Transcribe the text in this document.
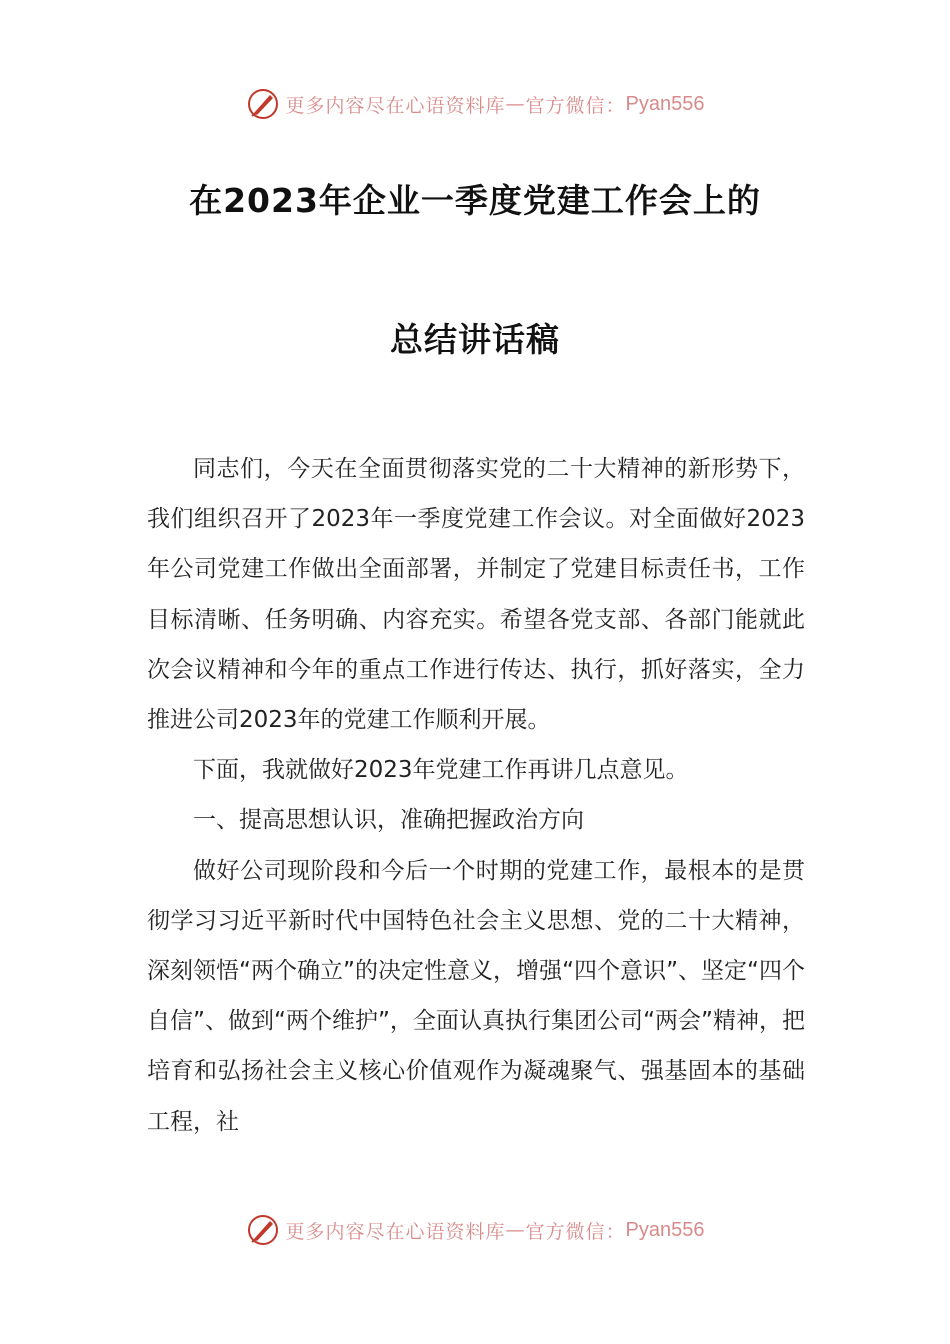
更多内容尽在心语资料库 — 官方微信： Pyan556
在2023年企业一季度党建工作会上的
总结讲话稿

同志们，今天在全面贯彻落实党的二十大精神的新形势下，我们组织召开了2023年一季度党建工作会议。对全面做好2023年公司党建工作做出全面部署，并制定了党建目标责任书，工作目标清晰、任务明确、内容充实。希望各党支部、各部门能就此次会议精神和今年的重点工作进行传达、执行，抓好落实，全力推进公司2023年的党建工作顺利开展。

下面，我就做好2023年党建工作再讲几点意见。

一、提高思想认识，准确把握政治方向

做好公司现阶段和今后一个时期的党建工作，最根本的是贯彻学习习近平新时代中国特色社会主义思想、党的二十大精神，深刻领悟“两个确立”的决定性意义，增强“四个意识”、坚定“四个自信”、做到“两个维护”，全面认真执行集团公司“两会”精神，把培育和弘扬社会主义核心价值观作为凝魂聚气、强基固本的基础工程，社

更多内容尽在心语资料库 — 官方微信： Pyan556
